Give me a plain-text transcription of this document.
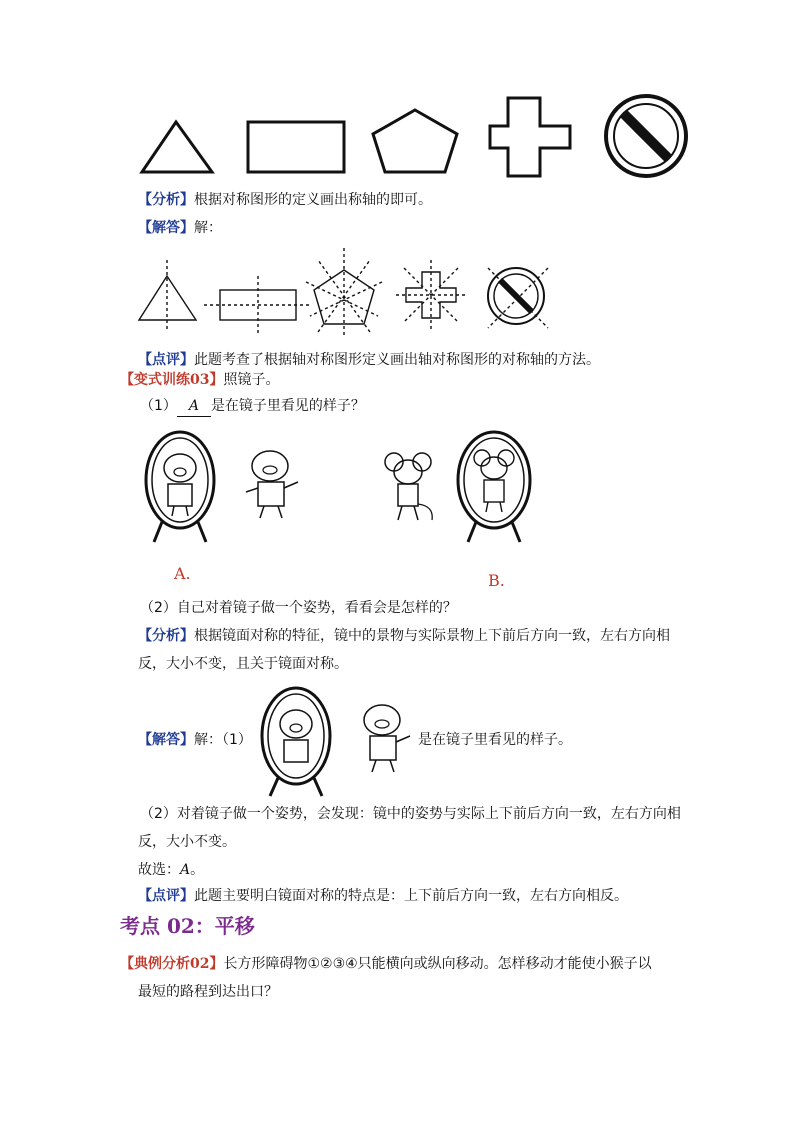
【分析】根据对称图形的定义画出称轴的即可。
【解答】解：
【点评】此题考查了根据轴对称图形定义画出轴对称图形的对称轴的方法。
【变式训练03】照镜子。
（1） A 是在镜子里看见的样子？
A.	B.
（2）自己对着镜子做一个姿势，看看会是怎样的？
【分析】根据镜面对称的特征，镜中的景物与实际景物上下前后方向一致，左右方向相
反，大小不变，且关于镜面对称。
【解答】解：（1）	是在镜子里看见的样子。
（2）对着镜子做一个姿势，会发现：镜中的姿势与实际上下前后方向一致，左右方向相
反，大小不变。
故选：A。
【点评】此题主要明白镜面对称的特点是：上下前后方向一致，左右方向相反。
考点 02：平移
【典例分析02】长方形障碍物①②③④只能横向或纵向移动。怎样移动才能使小猴子以
最短的路程到达出口？
